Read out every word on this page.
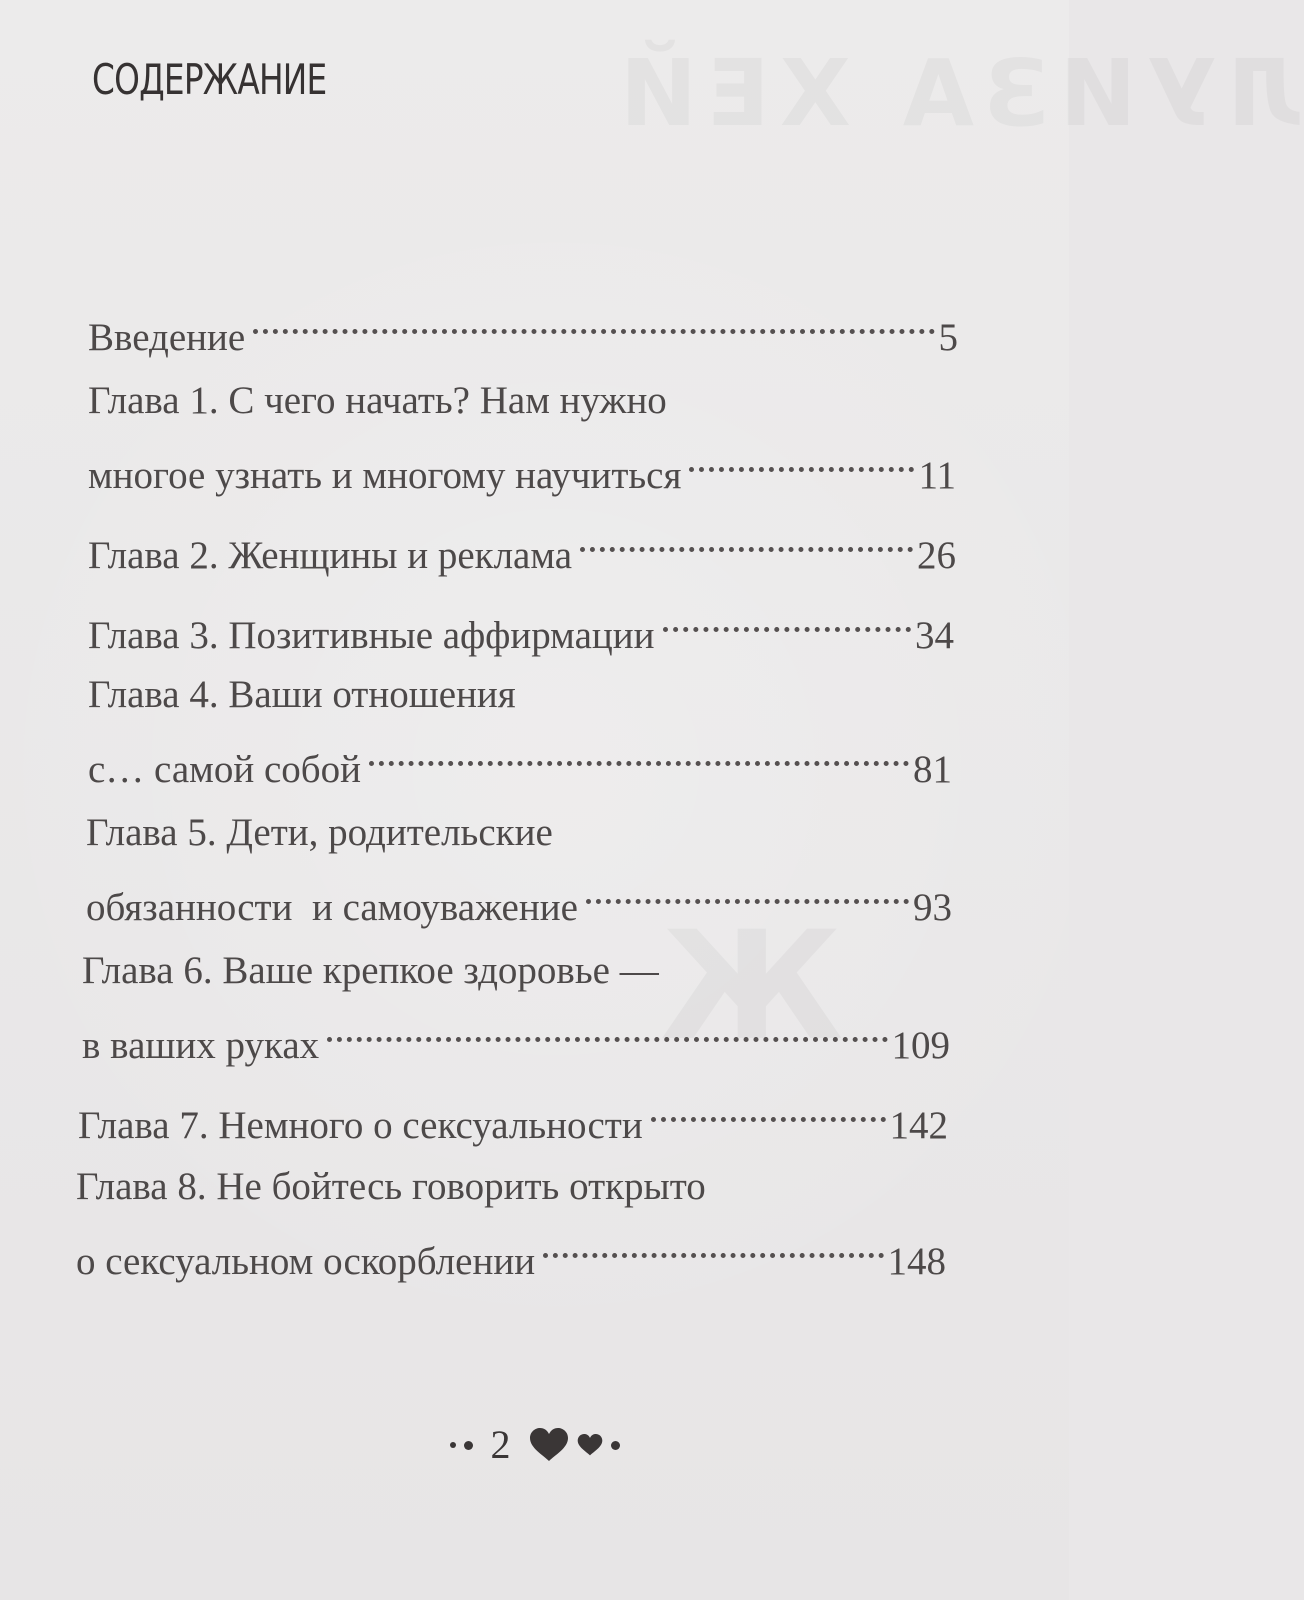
ЛУИЗА ХЕЙ
Ж
СОДЕРЖАНИЕ
Введение	5
Глава 1. С чего начать? Нам нужно
многое узнать и многому научиться	11
Глава 2. Женщины и реклама	26
Глава 3. Позитивные аффирмации	34
Глава 4. Ваши отношения
с… самой собой	81
Глава 5. Дети, родительские
обязанности  и самоуважение	93
Глава 6. Ваше крепкое здоровье —
в ваших руках	109
Глава 7. Немного о сексуальности	142
Глава 8. Не бойтесь говорить открыто
о сексуальном оскорблении	148
2
